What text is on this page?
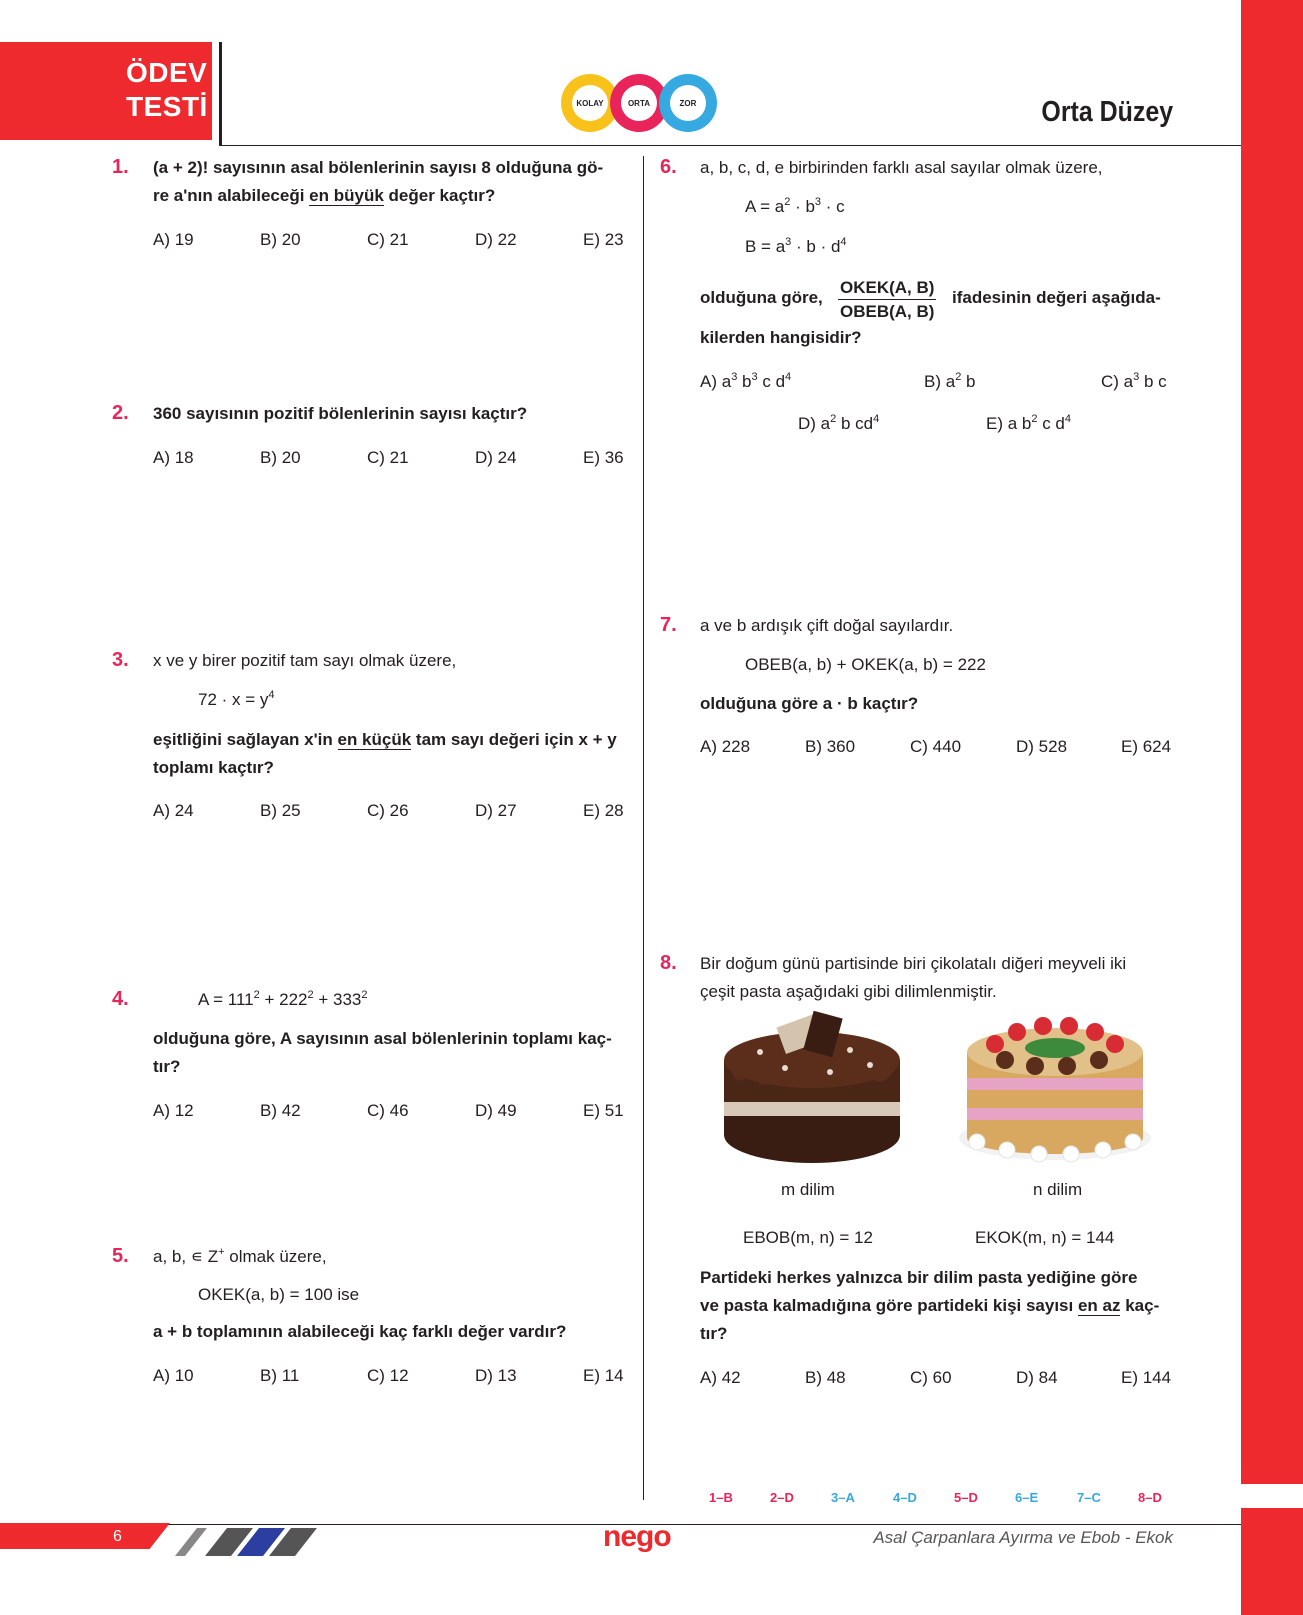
ÖDEV
TESTİ	KOLAY	ORTA	ZOR	Orta Düzey
1. (a + 2)! sayısının asal bölenlerinin sayısı 8 olduğuna gö-
re a'nın alabileceği en büyük değer kaçtır?
A) 19	B) 20	C) 21	D) 22	E) 23
2. 360 sayısının pozitif bölenlerinin sayısı kaçtır?
A) 18	B) 20	C) 21	D) 24	E) 36
3. x ve y birer pozitif tam sayı olmak üzere,
$72 \cdot x = y^4$
eşitliğini sağlayan x'in en küçük tam sayı değeri için x + y
toplamı kaçtır?
A) 24	B) 25	C) 26	D) 27	E) 28
4.	$A = 111^2 + 222^2 + 333^2$
olduğuna göre, A sayısının asal bölenlerinin toplamı kaç-
tır?
A) 12	B) 42	C) 46	D) 49	E) 51
5. a, b, ∊ Z+ olmak üzere,
OKEK(a, b) = 100 ise
a + b toplamının alabileceği kaç farklı değer vardır?
A) 10	B) 11	C) 12	D) 13	E) 14
6. a, b, c, d, e birbirinden farklı asal sayılar olmak üzere,
$A = a^2 \cdot b^3 \cdot c$
$B = a^3 \cdot b \cdot d^4$
olduğuna göre,
OKEK(A, B)
OBEB(A, B)
ifadesinin değeri aşağıda-
kilerden hangisidir?
A) $a^3$ $b^3$ c $d^4$	B) $a^2$ b	C) $a^3$ b c
D) $a^2$ b $cd^4$	E) a $b^2$ c $d^4$
7. a ve b ardışık çift doğal sayılardır.
OBEB(a, b) + OKEK(a, b) = 222
olduğuna göre a · b kaçtır?
A) 228	B) 360	C) 440	D) 528	E) 624
8. Bir doğum günü partisinde biri çikolatalı diğeri meyveli iki
çeşit pasta aşağıdaki gibi dilimlenmiştir.
m dilim	n dilim
EBOB(m, n) = 12	EKOK(m, n) = 144
Partideki herkes yalnızca bir dilim pasta yediğine göre
ve pasta kalmadığına göre partideki kişi sayısı en az kaç-
tır?
A) 42	B) 48	C) 60	D) 84	E) 144
1–B	2–D	3–A	4–D	5–D	6–E	7–C	8–D
6	nego	Asal Çarpanlara Ayırma ve Ebob - Ekok
